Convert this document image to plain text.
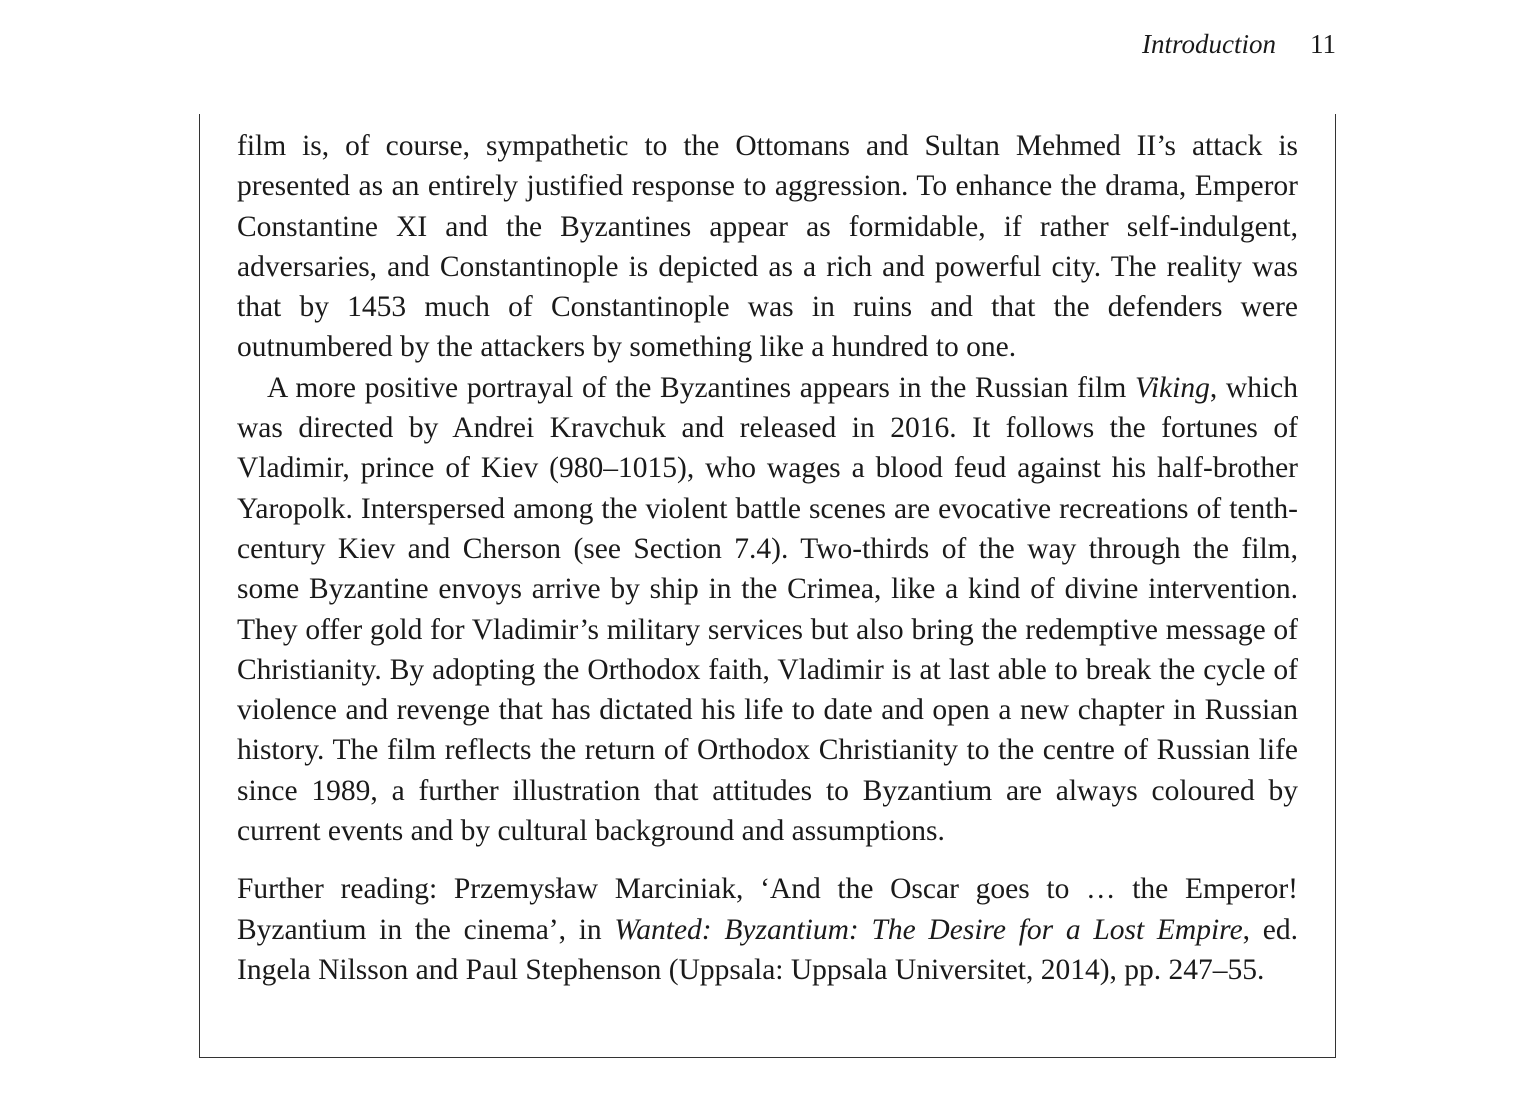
Introduction 11

film is, of course, sympathetic to the Ottomans and Sultan Mehmed II’s attack is presented as an entirely justified response to aggression. To enhance the drama, Emperor Constantine XI and the Byzantines appear as formidable, if rather self-indulgent, adversaries, and Constantinople is depicted as a rich and powerful city. The reality was that by 1453 much of Constantinople was in ruins and that the defenders were outnumbered by the attackers by something like a hundred to one.

A more positive portrayal of the Byzantines appears in the Russian film Viking, which was directed by Andrei Kravchuk and released in 2016. It follows the fortunes of Vladimir, prince of Kiev (980–1015), who wages a blood feud against his half-brother Yaropolk. Interspersed among the violent battle scenes are evocative recreations of tenth-century Kiev and Cherson (see Section 7.4). Two-thirds of the way through the film, some Byzantine envoys arrive by ship in the Crimea, like a kind of divine intervention. They offer gold for Vladimir’s military services but also bring the redemptive message of Christianity. By adopting the Orthodox faith, Vladimir is at last able to break the cycle of violence and revenge that has dictated his life to date and open a new chapter in Russian history. The film reflects the return of Orthodox Christianity to the centre of Russian life since 1989, a further illustration that attitudes to Byzantium are always coloured by current events and by cultural background and assumptions.

Further reading: Przemysław Marciniak, ‘And the Oscar goes to … the Emperor! Byzantium in the cinema’, in Wanted: Byzantium: The Desire for a Lost Empire, ed. Ingela Nilsson and Paul Stephenson (Uppsala: Uppsala Universitet, 2014), pp. 247–55.
